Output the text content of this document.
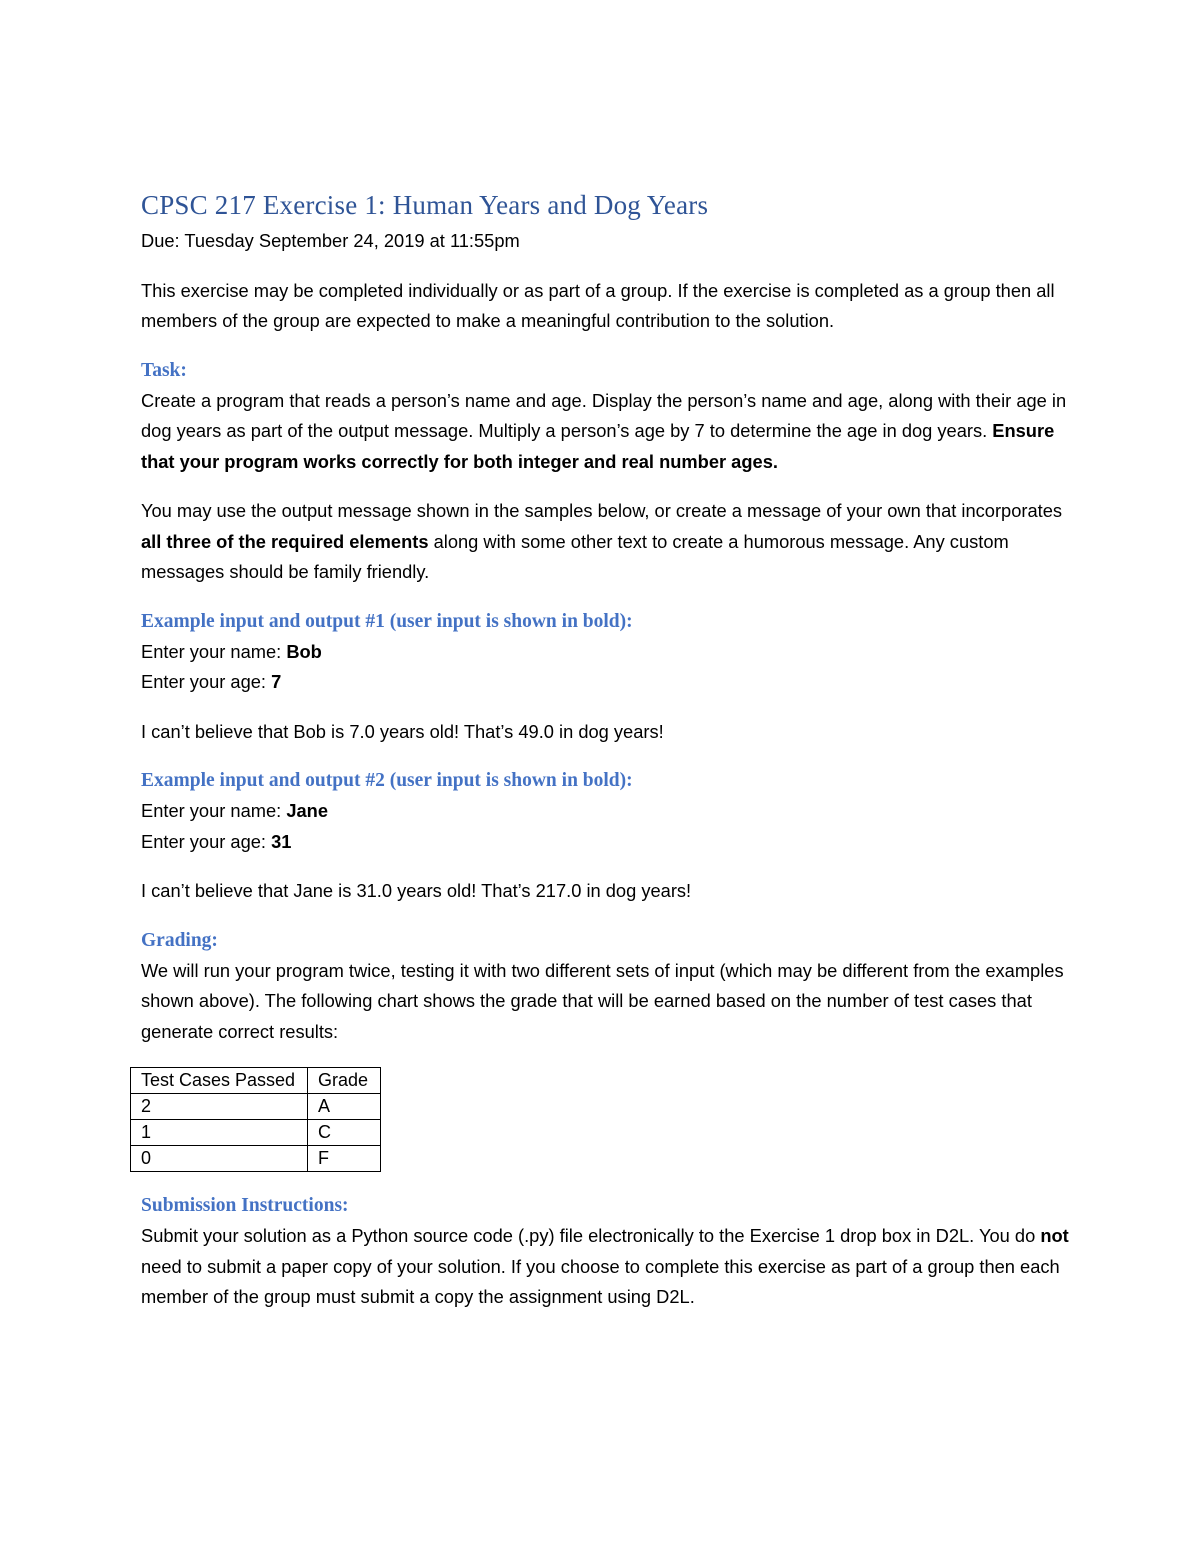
CPSC 217 Exercise 1: Human Years and Dog Years

Due: Tuesday September 24, 2019 at 11:55pm

This exercise may be completed individually or as part of a group. If the exercise is completed as a group then all members of the group are expected to make a meaningful contribution to the solution.

Task:

Create a program that reads a person’s name and age. Display the person’s name and age, along with their age in dog years as part of the output message. Multiply a person’s age by 7 to determine the age in dog years. Ensure that your program works correctly for both integer and real number ages.

You may use the output message shown in the samples below, or create a message of your own that incorporates all three of the required elements along with some other text to create a humorous message. Any custom messages should be family friendly.

Example input and output #1 (user input is shown in bold):

Enter your name: Bob

Enter your age: 7

I can’t believe that Bob is 7.0 years old! That’s 49.0 in dog years!

Example input and output #2 (user input is shown in bold):

Enter your name: Jane

Enter your age: 31

I can’t believe that Jane is 31.0 years old! That’s 217.0 in dog years!

Grading:

We will run your program twice, testing it with two different sets of input (which may be different from the examples shown above). The following chart shows the grade that will be earned based on the number of test cases that generate correct results:

Test Cases Passed	Grade
2	A
1	C
0	F
Submission Instructions:

Submit your solution as a Python source code (.py) file electronically to the Exercise 1 drop box in D2L. You do not need to submit a paper copy of your solution. If you choose to complete this exercise as part of a group then each member of the group must submit a copy the assignment using D2L.
